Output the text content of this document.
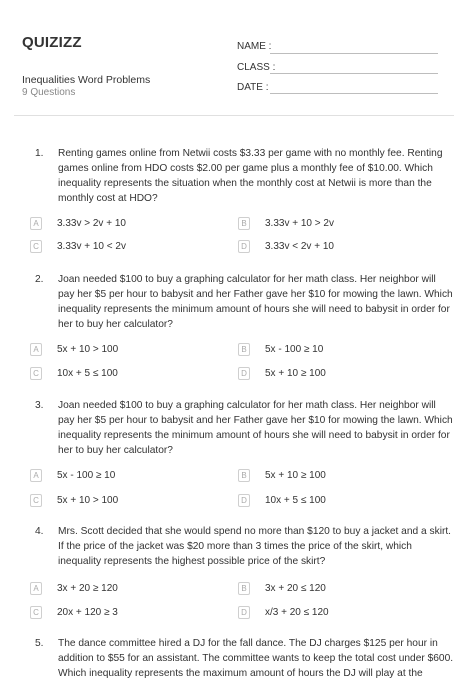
QUIZIZZ
Inequalities Word Problems
9 Questions
NAME :
CLASS :
DATE :
1.	Renting games online from Netwii costs $3.33 per game with no monthly fee. Renting games online from HDO costs $2.00 per game plus a monthly fee of $10.00. Which inequality represents the situation when the monthly cost at Netwii is more than the monthly cost at HDO?
A	3.33v > 2v + 10	B	3.33v + 10 > 2v
C	3.33v + 10 < 2v	D	3.33v < 2v + 10
2.	Joan needed $100 to buy a graphing calculator for her math class. Her neighbor will pay her $5 per hour to babysit and her Father gave her $10 for mowing the lawn. Which inequality represents the minimum amount of hours she will need to babysit in order for her to buy her calculator?
A	5x + 10 > 100	B	5x - 100 ≥ 10
C	10x + 5 ≤ 100	D	5x + 10 ≥ 100
3.	Joan needed $100 to buy a graphing calculator for her math class. Her neighbor will pay her $5 per hour to babysit and her Father gave her $10 for mowing the lawn. Which inequality represents the minimum amount of hours she will need to babysit in order for her to buy her calculator?
A	5x - 100 ≥ 10	B	5x + 10 ≥ 100
C	5x + 10 > 100	D	10x + 5 ≤ 100
4.	Mrs. Scott decided that she would spend no more than $120 to buy a jacket and a skirt. If the price of the jacket was $20 more than 3 times the price of the skirt, which inequality represents the highest possible price of the skirt?
A	3x + 20 ≥ 120	B	3x + 20 ≤ 120
C	20x + 120 ≥ 3	D	x/3 + 20 ≤ 120
5.	The dance committee hired a DJ for the fall dance. The DJ charges $125 per hour in addition to $55 for an assistant. The committee wants to keep the total cost under $600. Which inequality represents the maximum amount of hours the DJ will play at the
